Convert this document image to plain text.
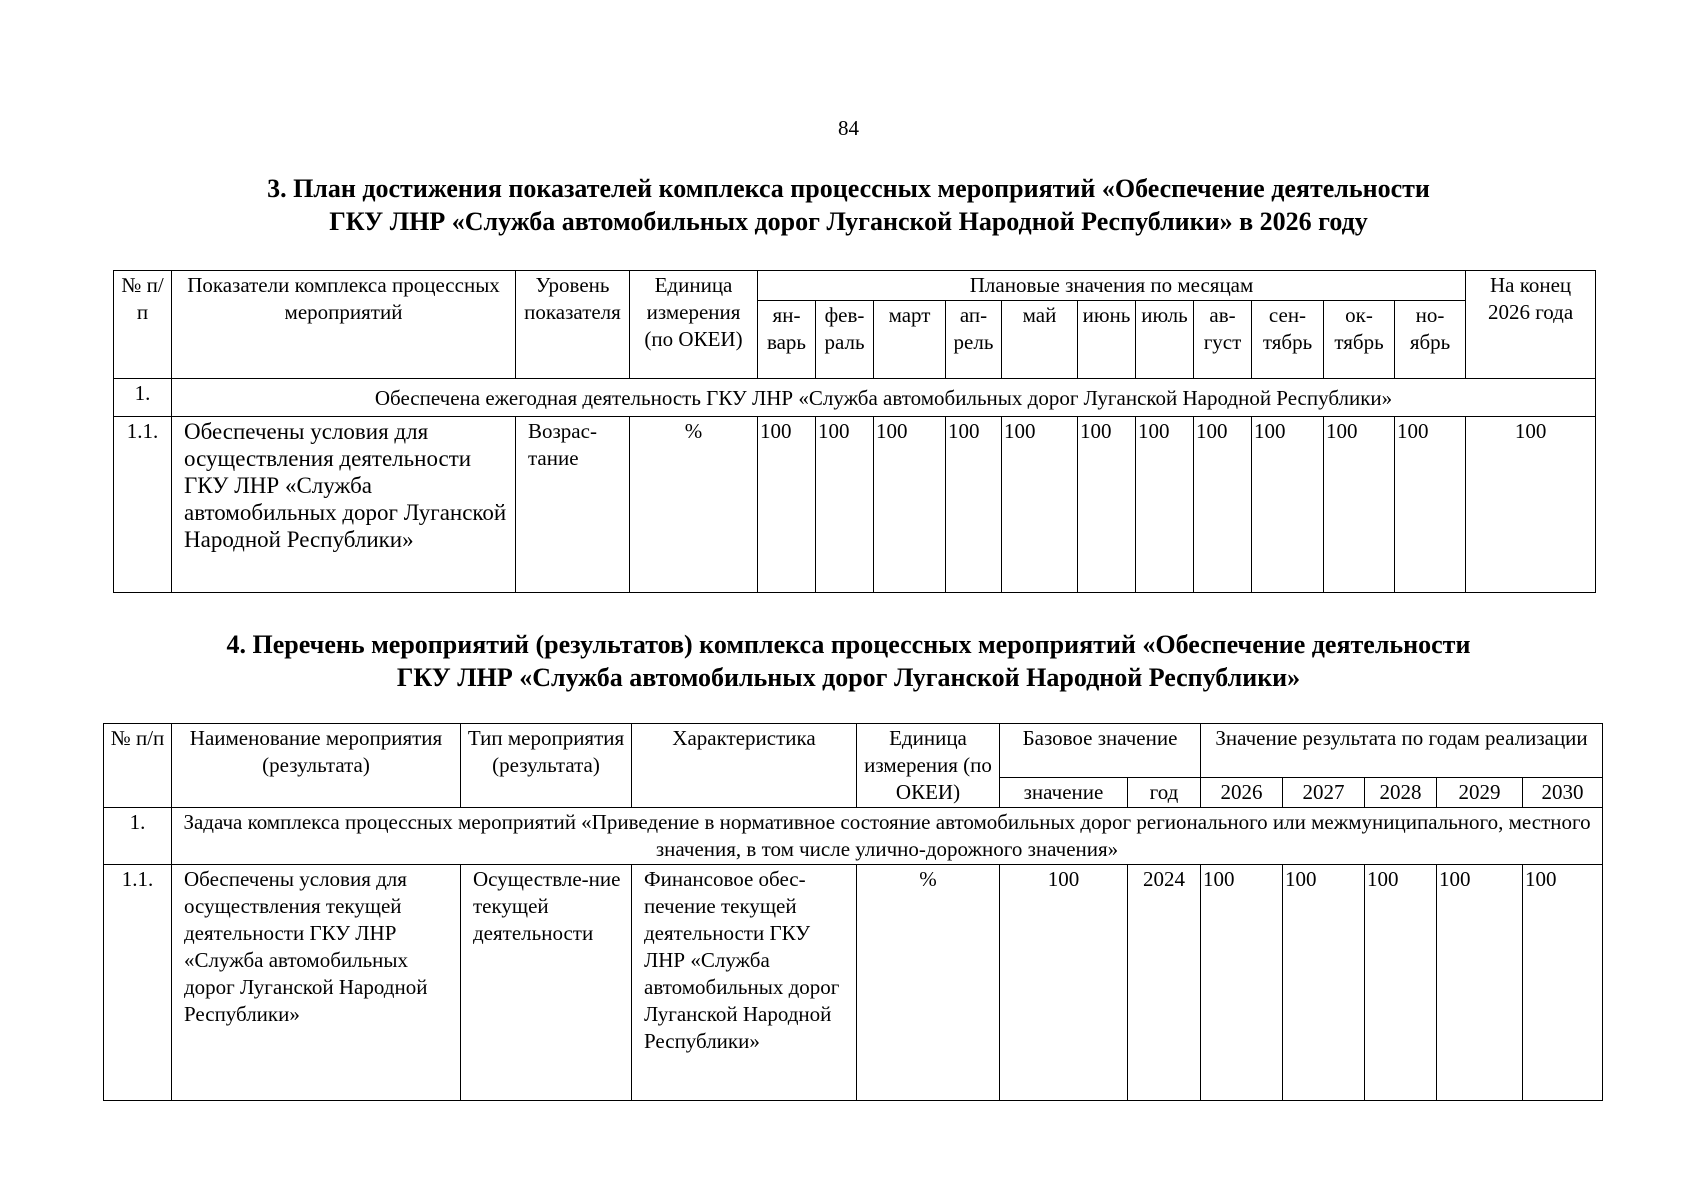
84
3. План достижения показателей комплекса процессных мероприятий «Обеспечение деятельности
ГКУ ЛНР «Служба автомобильных дорог Луганской Народной Республики» в 2026 году
№ п/п	Показатели комплекса процессных мероприятий	Уровень показателя	Единица измерения (по ОКЕИ)	Плановые значения по месяцам											На конец 2026 года
				ян-варь	фев-раль	март	ап-рель	май	июнь	июль	ав-густ	сен-тябрь	ок-тябрь	но-ябрь	
1.	Обеспечена ежегодная деятельность ГКУ ЛНР «Служба автомобильных дорог Луганской Народной Республики»														
1.1.	Обеспечены условия для осуществления деятельности ГКУ ЛНР «Служба автомобильных дорог Луганской Народной Республики»	Возрас-тание	%	100	100	100	100	100	100	100	100	100	100	100	100
4. Перечень мероприятий (результатов) комплекса процессных мероприятий «Обеспечение деятельности
ГКУ ЛНР «Служба автомобильных дорог Луганской Народной Республики»
№ п/п	Наименование мероприятия (результата)	Тип мероприятия (результата)	Характеристика	Единица измерения (по ОКЕИ)	Базовое значение		Значение результата по годам реализации				
					значение	год	2026	2027	2028	2029	2030
1.	Задача комплекса процессных мероприятий «Приведение в нормативное состояние автомобильных дорог регионального или межмуниципального, местного значения, в том числе улично-дорожного значения»										
1.1.	Обеспечены условия для осуществления текущей деятельности ГКУ ЛНР «Служба автомобильных дорог Луганской Народной Республики»	Осуществле-ние текущей деятельности	Финансовое обес-печение текущей деятельности ГКУ ЛНР «Служба автомобильных дорог Луганской Народной Республики»	%	100	2024	100	100	100	100	100
